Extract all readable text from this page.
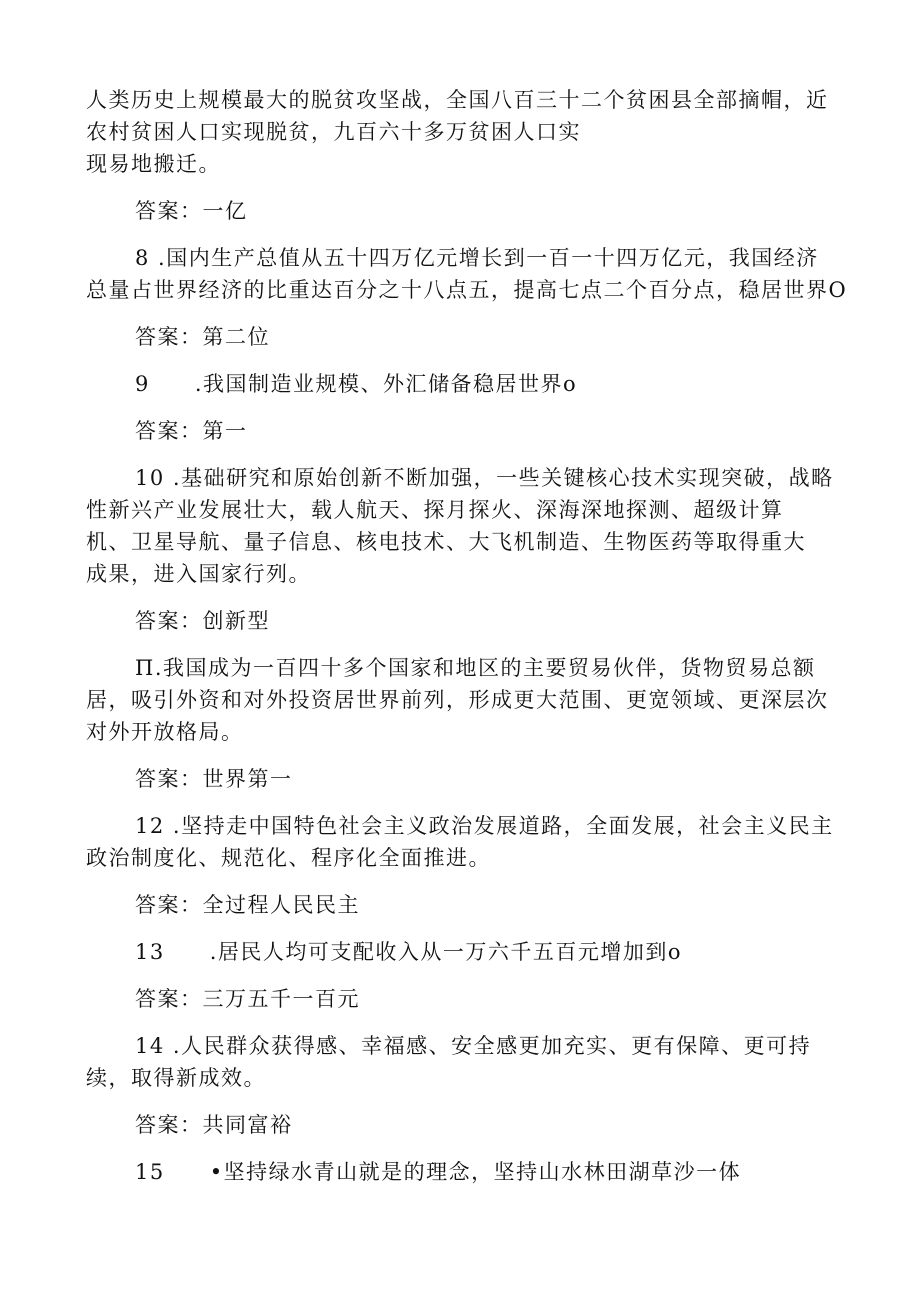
人类历史上规模最大的脱贫攻坚战，全国八百三十二个贫困县全部摘帽，近
农村贫困人口实现脱贫，九百六十多万贫困人口实
现易地搬迁。
答案：一亿
8 .国内生产总值从五十四万亿元增长到一百一十四万亿元，我国经济
总量占世界经济的比重达百分之十八点五，提高七点二个百分点，稳居世界O
答案：第二位
9　　.我国制造业规模、外汇储备稳居世界o
答案：第一
10 .基础研究和原始创新不断加强，一些关键核心技术实现突破，战略
性新兴产业发展壮大，载人航天、探月探火、深海深地探测、超级计算
机、卫星导航、量子信息、核电技术、大飞机制造、生物医药等取得重大
成果，进入国家行列。
答案：创新型
Π.我国成为一百四十多个国家和地区的主要贸易伙伴，货物贸易总额
居，吸引外资和对外投资居世界前列，形成更大范围、更宽领域、更深层次
对外开放格局。
答案：世界第一
12 .坚持走中国特色社会主义政治发展道路，全面发展，社会主义民主
政治制度化、规范化、程序化全面推进。
答案：全过程人民民主
13　　.居民人均可支配收入从一万六千五百元增加到o
答案：三万五千一百元
14 .人民群众获得感、幸福感、安全感更加充实、更有保障、更可持
续，取得新成效。
答案：共同富裕
15　　•坚持绿水青山就是的理念，坚持山水林田湖草沙一体
